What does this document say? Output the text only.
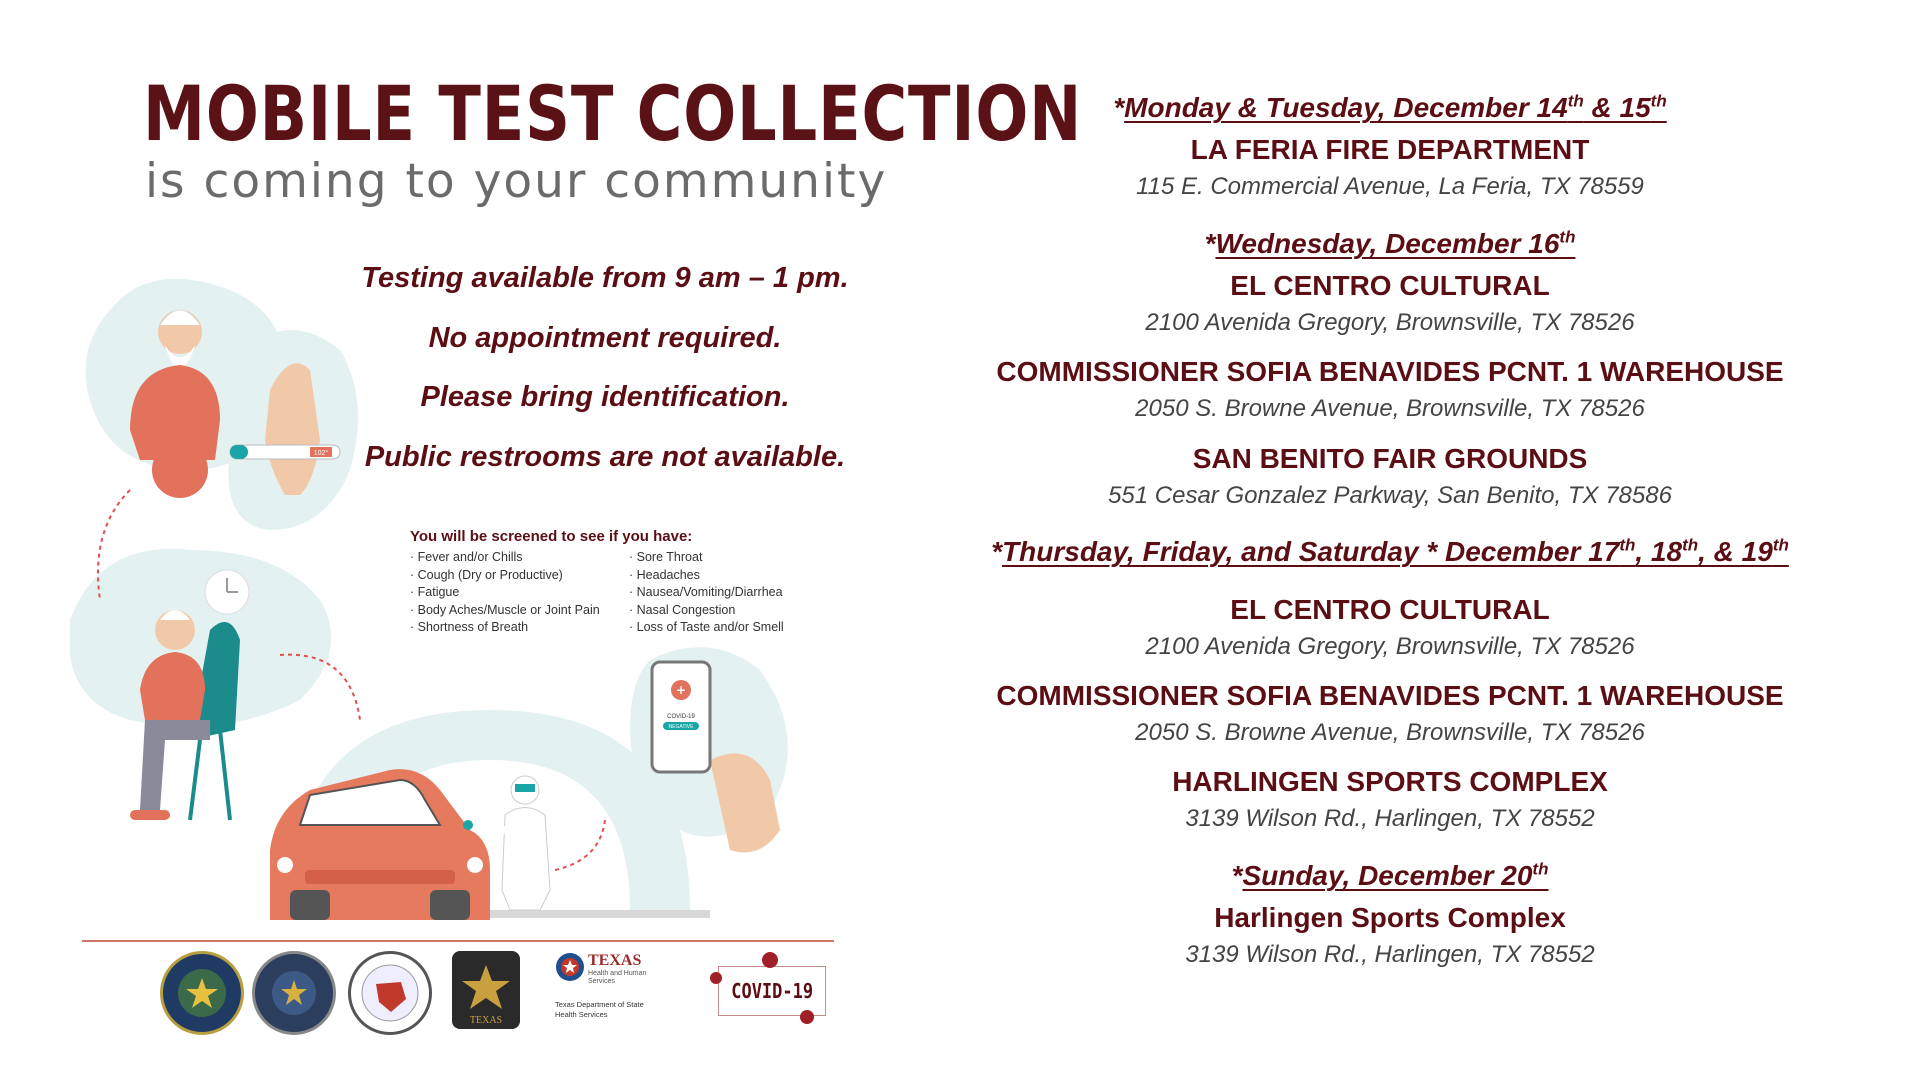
MOBILE TEST COLLECTION
is coming to your community
Testing available from 9 am – 1 pm.
No appointment required.
Please bring identification.
Public restrooms are not available.
102°
+
COVID-19
NEGATIVE
You will be screened to see if you have:
· Fever and/or Chills
· Cough (Dry or Productive)
· Fatigue
· Body Aches/Muscle or Joint Pain
· Shortness of Breath
· Sore Throat
· Headaches
· Nausea/Vomiting/Diarrhea
· Nasal Congestion
· Loss of Taste and/or Smell
TEXAS
TEXAS
Health and Human
Services
Texas Department of State
Health Services
COVID-19
*Monday & Tuesday, December 14th & 15th
LA FERIA FIRE DEPARTMENT
115 E. Commercial Avenue, La Feria, TX 78559
*Wednesday, December 16th
EL CENTRO CULTURAL
2100 Avenida Gregory, Brownsville, TX 78526
COMMISSIONER SOFIA BENAVIDES PCNT. 1 WAREHOUSE
2050 S. Browne Avenue, Brownsville, TX 78526
SAN BENITO FAIR GROUNDS
551 Cesar Gonzalez Parkway, San Benito, TX 78586
*Thursday, Friday, and Saturday * December 17th, 18th, & 19th
EL CENTRO CULTURAL
2100 Avenida Gregory, Brownsville, TX 78526
COMMISSIONER SOFIA BENAVIDES PCNT. 1 WAREHOUSE
2050 S. Browne Avenue, Brownsville, TX 78526
HARLINGEN SPORTS COMPLEX
3139 Wilson Rd., Harlingen, TX 78552
*Sunday, December 20th
Harlingen Sports Complex
3139 Wilson Rd., Harlingen, TX 78552
